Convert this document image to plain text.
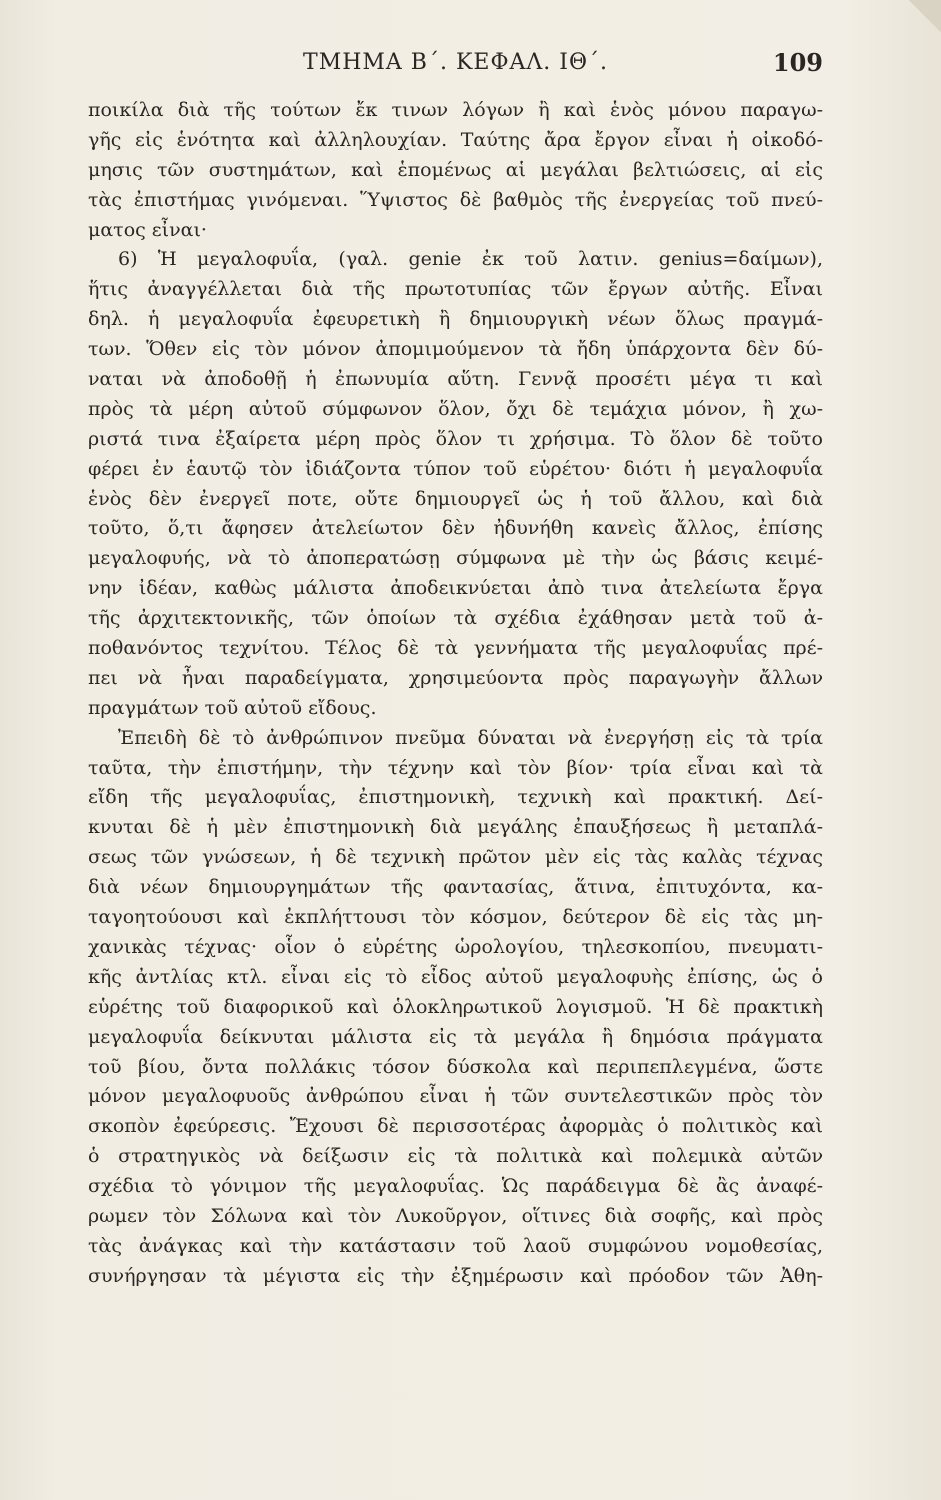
ΤΜΗΜΑ Β΄. ΚΕΦΑΛ. ΙΘ΄.	109
ποικίλα διὰ τῆς τούτων ἔκ τινων λόγων ἢ καὶ ἑνὸς μόνου παραγω-
γῆς εἰς ἑνότητα καὶ ἀλληλουχίαν. Ταύτης ἄρα ἔργον εἶναι ἡ οἰκοδό-
μησις τῶν συστημάτων, καὶ ἑπομένως αἱ μεγάλαι βελτιώσεις, αἱ εἰς
τὰς ἐπιστήμας γινόμεναι. Ὕψιστος δὲ βαθμὸς τῆς ἐνεργείας τοῦ πνεύ-
ματος εἶναι·
6) Ἡ μεγαλοφυΐα, (γαλ. genie ἐκ τοῦ λατιν. genius=δαίμων),
ἥτις ἀναγγέλλεται διὰ τῆς πρωτοτυπίας τῶν ἔργων αὐτῆς. Εἶναι
δηλ. ἡ μεγαλοφυΐα ἐφευρετικὴ ἢ δημιουργικὴ νέων ὅλως πραγμά-
των. Ὅθεν εἰς τὸν μόνον ἀπομιμούμενον τὰ ἤδη ὑπάρχοντα δὲν δύ-
ναται νὰ ἀποδοθῇ ἡ ἐπωνυμία αὕτη. Γεννᾷ προσέτι μέγα τι καὶ
πρὸς τὰ μέρη αὐτοῦ σύμφωνον ὅλον, ὄχι δὲ τεμάχια μόνον, ἢ χω-
ριστά τινα ἐξαίρετα μέρη πρὸς ὅλον τι χρήσιμα. Τὸ ὅλον δὲ τοῦτο
φέρει ἐν ἑαυτῷ τὸν ἰδιάζοντα τύπον τοῦ εὑρέτου· διότι ἡ μεγαλοφυΐα
ἑνὸς δὲν ἐνεργεῖ ποτε, οὔτε δημιουργεῖ ὡς ἡ τοῦ ἄλλου, καὶ διὰ
τοῦτο, ὅ,τι ἄφησεν ἀτελείωτον δὲν ἠδυνήθη κανεὶς ἄλλος, ἐπίσης
μεγαλοφυής, νὰ τὸ ἀποπερατώσῃ σύμφωνα μὲ τὴν ὡς βάσις κειμέ-
νην ἰδέαν, καθὼς μάλιστα ἀποδεικνύεται ἀπὸ τινα ἀτελείωτα ἔργα
τῆς ἀρχιτεκτονικῆς, τῶν ὁποίων τὰ σχέδια ἐχάθησαν μετὰ τοῦ ἀ-
ποθανόντος τεχνίτου. Τέλος δὲ τὰ γεννήματα τῆς μεγαλοφυΐας πρέ-
πει νὰ ἦναι παραδείγματα, χρησιμεύοντα πρὸς παραγωγὴν ἄλλων
πραγμάτων τοῦ αὐτοῦ εἴδους.
Ἐπειδὴ δὲ τὸ ἀνθρώπινον πνεῦμα δύναται νὰ ἐνεργήσῃ εἰς τὰ τρία
ταῦτα, τὴν ἐπιστήμην, τὴν τέχνην καὶ τὸν βίον· τρία εἶναι καὶ τὰ
εἴδη τῆς μεγαλοφυΐας, ἐπιστημονικὴ, τεχνικὴ καὶ πρακτική. Δεί-
κνυται δὲ ἡ μὲν ἐπιστημονικὴ διὰ μεγάλης ἐπαυξήσεως ἢ μεταπλά-
σεως τῶν γνώσεων, ἡ δὲ τεχνικὴ πρῶτον μὲν εἰς τὰς καλὰς τέχνας
διὰ νέων δημιουργημάτων τῆς φαντασίας, ἅτινα, ἐπιτυχόντα, κα-
ταγοητούουσι καὶ ἐκπλήττουσι τὸν κόσμον, δεύτερον δὲ εἰς τὰς μη-
χανικὰς τέχνας· οἷον ὁ εὑρέτης ὡρολογίου, τηλεσκοπίου, πνευματι-
κῆς ἀντλίας κτλ. εἶναι εἰς τὸ εἶδος αὐτοῦ μεγαλοφυὴς ἐπίσης, ὡς ὁ
εὑρέτης τοῦ διαφορικοῦ καὶ ὁλοκληρωτικοῦ λογισμοῦ. Ἡ δὲ πρακτικὴ
μεγαλοφυΐα δείκνυται μάλιστα εἰς τὰ μεγάλα ἢ δημόσια πράγματα
τοῦ βίου, ὄντα πολλάκις τόσον δύσκολα καὶ περιπεπλεγμένα, ὥστε
μόνον μεγαλοφυοῦς ἀνθρώπου εἶναι ἡ τῶν συντελεστικῶν πρὸς τὸν
σκοπὸν ἐφεύρεσις. Ἔχουσι δὲ περισσοτέρας ἀφορμὰς ὁ πολιτικὸς καὶ
ὁ στρατηγικὸς νὰ δείξωσιν εἰς τὰ πολιτικὰ καὶ πολεμικὰ αὐτῶν
σχέδια τὸ γόνιμον τῆς μεγαλοφυΐας. Ὡς παράδειγμα δὲ ἂς ἀναφέ-
ρωμεν τὸν Σόλωνα καὶ τὸν Λυκοῦργον, οἵτινες διὰ σοφῆς, καὶ πρὸς
τὰς ἀνάγκας καὶ τὴν κατάστασιν τοῦ λαοῦ συμφώνου νομοθεσίας,
συνήργησαν τὰ μέγιστα εἰς τὴν ἐξημέρωσιν καὶ πρόοδον τῶν Ἀθη-
